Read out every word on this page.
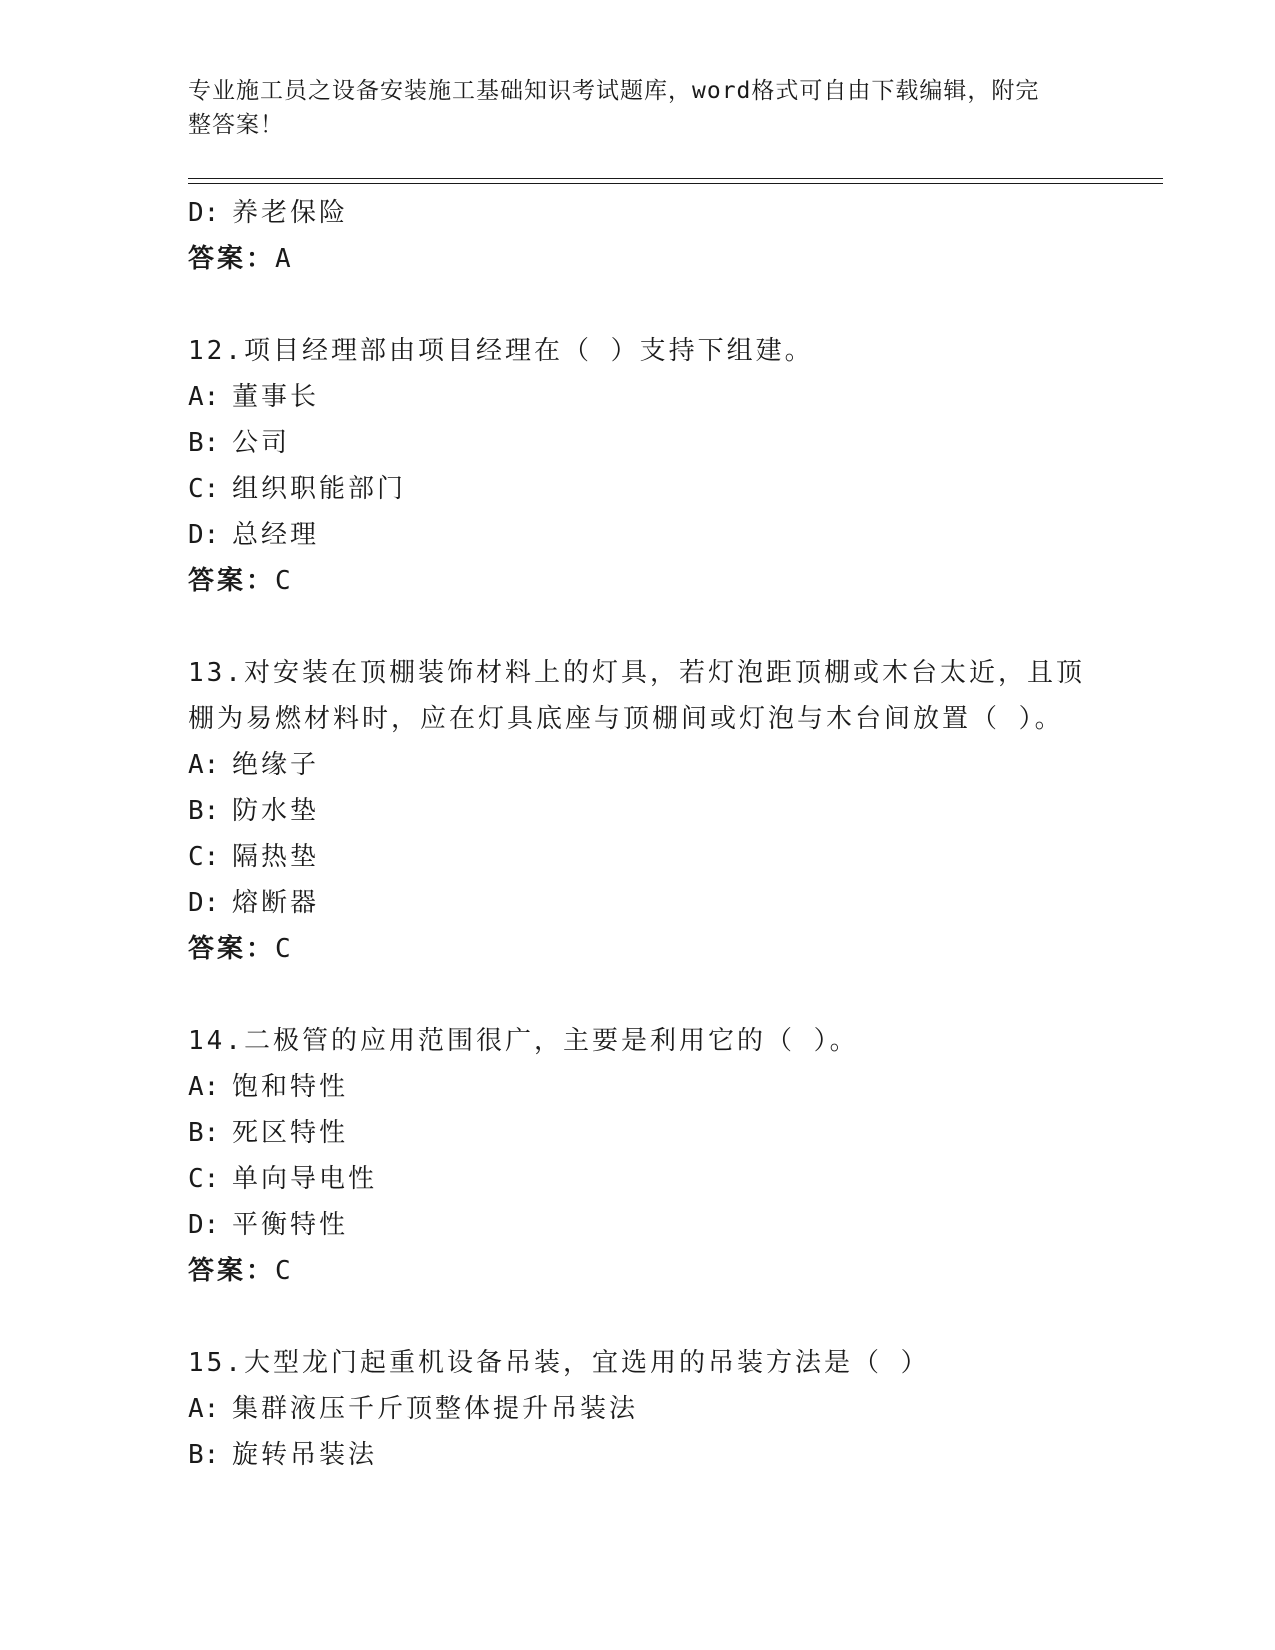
专业施工员之设备安装施工基础知识考试题库，word格式可自由下载编辑，附完
整答案！
D: 养老保险
答案：A
12.项目经理部由项目经理在（ ）支持下组建。
A: 董事长
B: 公司
C: 组织职能部门
D: 总经理
答案：C
13.对安装在顶棚装饰材料上的灯具，若灯泡距顶棚或木台太近，且顶
棚为易燃材料时，应在灯具底座与顶棚间或灯泡与木台间放置（ ）。
A: 绝缘子
B: 防水垫
C: 隔热垫
D: 熔断器
答案：C
14.二极管的应用范围很广，主要是利用它的（ ）。
A: 饱和特性
B: 死区特性
C: 单向导电性
D: 平衡特性
答案：C
15.大型龙门起重机设备吊装，宜选用的吊装方法是（ ）
A: 集群液压千斤顶整体提升吊装法
B: 旋转吊装法
